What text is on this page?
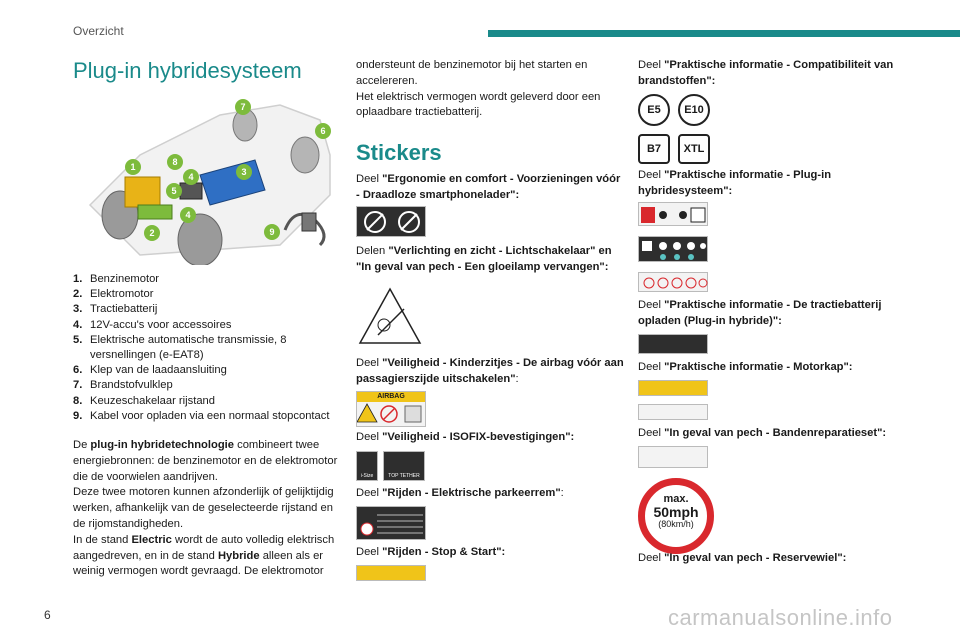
Overzicht
Plug-in hybridesysteem
1
2
3
4
5
4
6
7
8
9
1. Benzinemotor
2. Elektromotor
3. Tractiebatterij
4. 12V-accu's voor accessoires
5. Elektrische automatische transmissie, 8 versnellingen (e-EAT8)
6. Klep van de laadaansluiting
7. Brandstofvulklep
8. Keuzeschakelaar rijstand
9. Kabel voor opladen via een normaal stopcontact

De plug-in hybridetechnologie combineert twee energiebronnen: de benzinemotor en de elektromotor die de voorwielen aandrijven.

Deze twee motoren kunnen afzonderlijk of gelijktijdig werken, afhankelijk van de geselecteerde rijstand en de rijomstandigheden.

In de stand Electric wordt de auto volledig elektrisch aangedreven, en in de stand Hybride alleen als er weinig vermogen wordt gevraagd. De elektromotor

ondersteunt de benzinemotor bij het starten en accelereren.

Het elektrisch vermogen wordt geleverd door een oplaadbare tractiebatterij.

Stickers
Deel "Ergonomie en comfort - Voorzieningen vóór - Draadloze smartphonelader":
Delen "Verlichting en zicht - Lichtschakelaar" en "In geval van pech - Een gloeilamp vervangen":
Deel "Veiligheid - Kinderzitjes - De airbag vóór aan passagierszijde uitschakelen":
AIRBAG
Deel "Veiligheid - ISOFIX-bevestigingen":
i-Size	TOP TETHER
Deel "Rijden - Elektrische parkeerrem":
Deel "Rijden - Stop & Start":
Deel "Praktische informatie - Compatibiliteit van brandstoffen":
E5	E10
B7	XTL
Deel "Praktische informatie - Plug-in hybridesysteem":
Deel "Praktische informatie - De tractiebatterij opladen (Plug-in hybride)":
Deel "Praktische informatie - Motorkap":
Deel "In geval van pech - Bandenreparatieset":
max.
50mph
(80km/h)
Deel "In geval van pech - Reservewiel":
6	carmanualsonline.info
